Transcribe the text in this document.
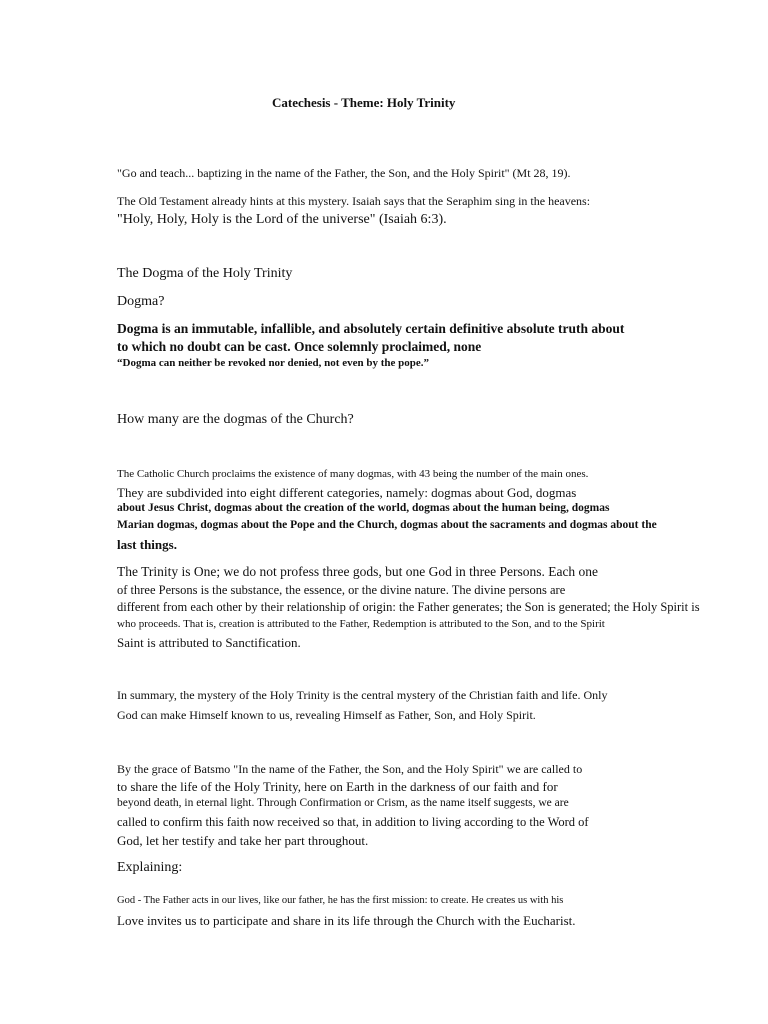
Catechesis - Theme: Holy Trinity
"Go and teach... baptizing in the name of the Father, the Son, and the Holy Spirit" (Mt 28, 19).
The Old Testament already hints at this mystery. Isaiah says that the Seraphim sing in the heavens:
"Holy, Holy, Holy is the Lord of the universe" (Isaiah 6:3).
The Dogma of the Holy Trinity
Dogma?
Dogma is an immutable, infallible, and absolutely certain definitive absolute truth about
to which no doubt can be cast. Once solemnly proclaimed, none
“Dogma can neither be revoked nor denied, not even by the pope.”
How many are the dogmas of the Church?
The Catholic Church proclaims the existence of many dogmas, with 43 being the number of the main ones.
They are subdivided into eight different categories, namely: dogmas about God, dogmas
about Jesus Christ, dogmas about the creation of the world, dogmas about the human being, dogmas
Marian dogmas, dogmas about the Pope and the Church, dogmas about the sacraments and dogmas about the
last things.
The Trinity is One; we do not profess three gods, but one God in three Persons. Each one
of three Persons is the substance, the essence, or the divine nature. The divine persons are
different from each other by their relationship of origin: the Father generates; the Son is generated; the Holy Spirit is
who proceeds. That is, creation is attributed to the Father, Redemption is attributed to the Son, and to the Spirit
Saint is attributed to Sanctification.
In summary, the mystery of the Holy Trinity is the central mystery of the Christian faith and life. Only
God can make Himself known to us, revealing Himself as Father, Son, and Holy Spirit.
By the grace of Batsmo "In the name of the Father, the Son, and the Holy Spirit" we are called to
to share the life of the Holy Trinity, here on Earth in the darkness of our faith and for
beyond death, in eternal light. Through Confirmation or Crism, as the name itself suggests, we are
called to confirm this faith now received so that, in addition to living according to the Word of
God, let her testify and take her part throughout.
Explaining:
God - The Father acts in our lives, like our father, he has the first mission: to create. He creates us with his
Love invites us to participate and share in its life through the Church with the Eucharist.
